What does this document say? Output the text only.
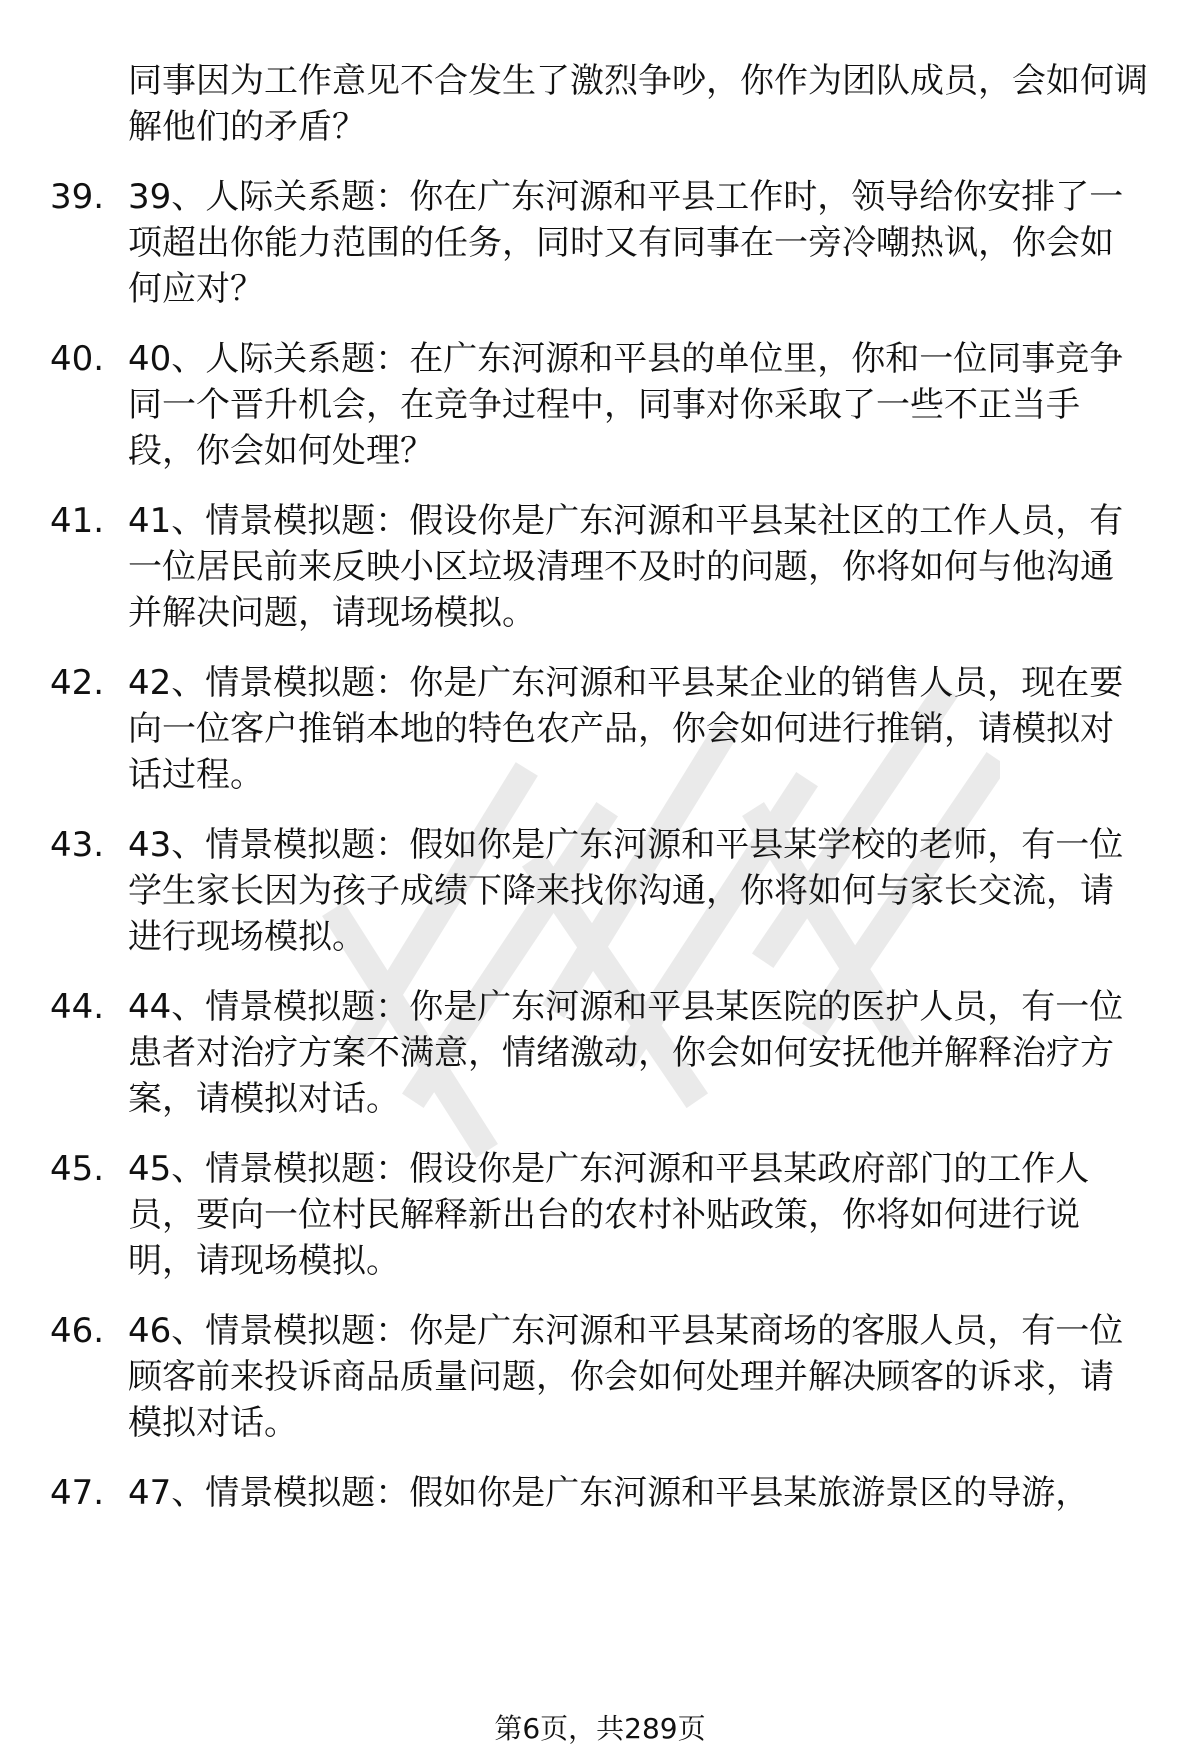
同事因为工作意见不合发生了激烈争吵，你作为团队成员，会如何调解他们的矛盾？
39. 39、人际关系题：你在广东河源和平县工作时，领导给你安排了一项超出你能力范围的任务，同时又有同事在一旁冷嘲热讽，你会如何应对？
40. 40、人际关系题：在广东河源和平县的单位里，你和一位同事竞争同一个晋升机会，在竞争过程中，同事对你采取了一些不正当手段，你会如何处理？
41. 41、情景模拟题：假设你是广东河源和平县某社区的工作人员，有一位居民前来反映小区垃圾清理不及时的问题，你将如何与他沟通并解决问题，请现场模拟。
42. 42、情景模拟题：你是广东河源和平县某企业的销售人员，现在要向一位客户推销本地的特色农产品，你会如何进行推销，请模拟对话过程。
43. 43、情景模拟题：假如你是广东河源和平县某学校的老师，有一位学生家长因为孩子成绩下降来找你沟通，你将如何与家长交流，请进行现场模拟。
44. 44、情景模拟题：你是广东河源和平县某医院的医护人员，有一位患者对治疗方案不满意，情绪激动，你会如何安抚他并解释治疗方案，请模拟对话。
45. 45、情景模拟题：假设你是广东河源和平县某政府部门的工作人员，要向一位村民解释新出台的农村补贴政策，你将如何进行说明，请现场模拟。
46. 46、情景模拟题：你是广东河源和平县某商场的客服人员，有一位顾客前来投诉商品质量问题，你会如何处理并解决顾客的诉求，请模拟对话。
47. 47、情景模拟题：假如你是广东河源和平县某旅游景区的导游，
第6页，共289页
